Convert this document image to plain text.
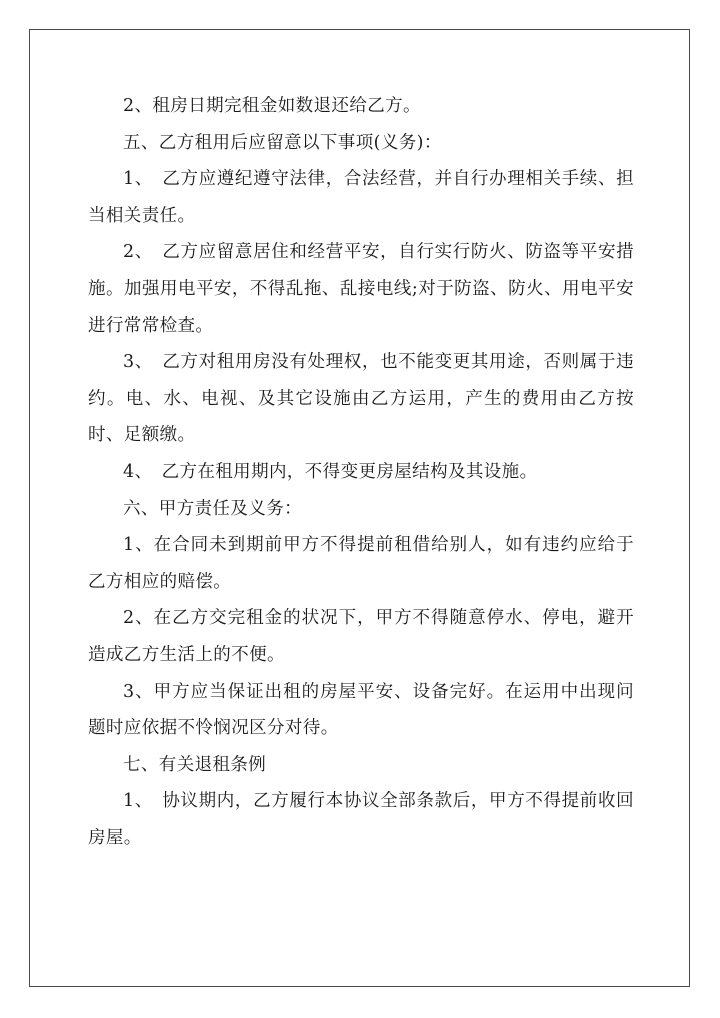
2、租房日期完租金如数退还给乙方。

五、乙方租用后应留意以下事项(义务)：

1、　乙方应遵纪遵守法律，合法经营，并自行办理相关手续、担当相关责任。

2、　乙方应留意居住和经营平安，自行实行防火、防盗等平安措施。加强用电平安，不得乱拖、乱接电线;对于防盗、防火、用电平安进行常常检查。

3、　乙方对租用房没有处理权，也不能变更其用途，否则属于违约。电、水、电视、及其它设施由乙方运用，产生的费用由乙方按时、足额缴。

4、　乙方在租用期内，不得变更房屋结构及其设施。

六、甲方责任及义务：

1、在合同未到期前甲方不得提前租借给别人，如有违约应给于乙方相应的赔偿。

2、在乙方交完租金的状况下，甲方不得随意停水、停电，避开造成乙方生活上的不便。

3、甲方应当保证出租的房屋平安、设备完好。在运用中出现问题时应依据不怜悯况区分对待。

七、有关退租条例

1、　协议期内，乙方履行本协议全部条款后，甲方不得提前收回房屋。
